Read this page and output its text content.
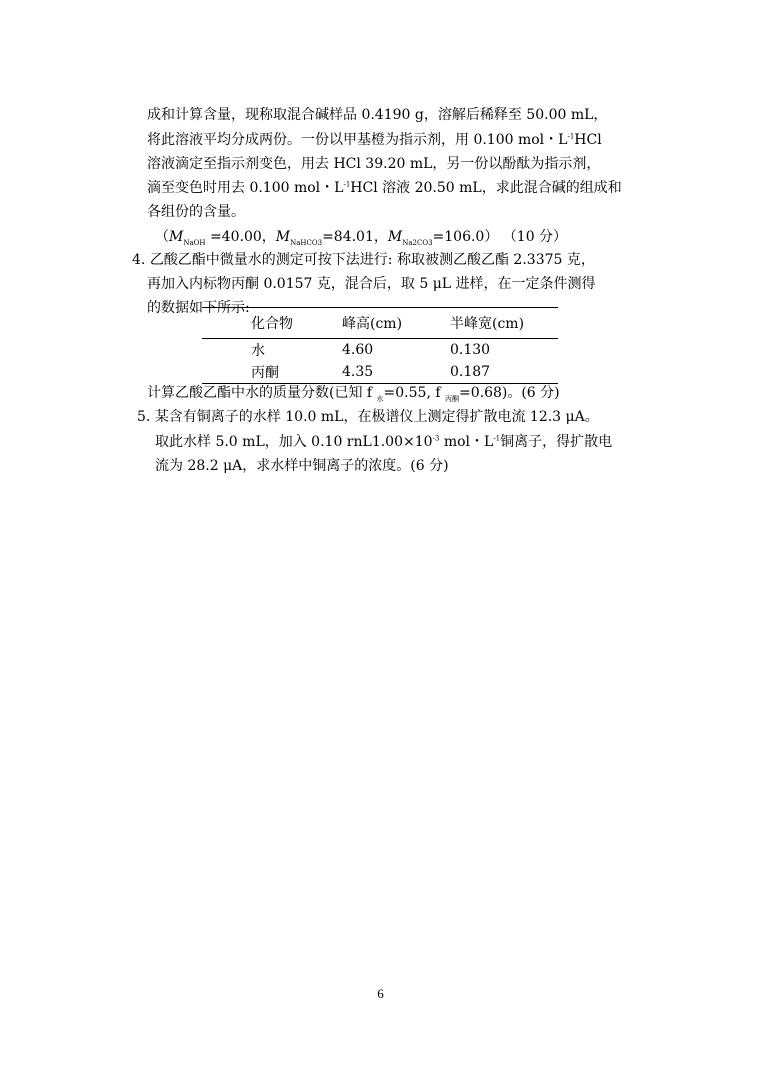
成和计算含量，现称取混合碱样品 0.4190 g，溶解后稀释至 50.00 mL，
将此溶液平均分成两份。一份以甲基橙为指示剂，用 0.100 mol・$L^{-1}HCl$
溶液滴定至指示剂变色，用去 HCl 39.20 mL，另一份以酚酞为指示剂，
滴至变色时用去 0.100 mol・$L^{-1}HCl$ 溶液 20.50 mL，求此混合碱的组成和
各组份的含量。
（$M_{NaOH} =40.00$，$M_{NaHCO3}=84.01$，$M_{Na2CO3}=106.0$） （10 分）
4. 乙酸乙酯中微量水的测定可按下法进行: 称取被测乙酸乙酯 2.3375 克，
再加入内标物丙酮 0.0157 克，混合后，取 5 μL 进样，在一定条件测得
的数据如下所示:
化合物	峰高(cm)	半峰宽(cm)
水	4.60	0.130
丙酮	4.35	0.187
计算乙酸乙酯中水的质量分数(已知 f $_水$=0.55, f $_{丙酮}$=0.68)。(6 分)
5. 某含有铜离子的水样 10.0 mL，在极谱仪上测定得扩散电流 12.3 μA。
取此水样 5.0 mL，加入 0.10 $rnL1.00\times 10^{-3}$ mol・$L^{-1}$铜离子，得扩散电
流为 28.2 μA，求水样中铜离子的浓度。(6 分)
6
